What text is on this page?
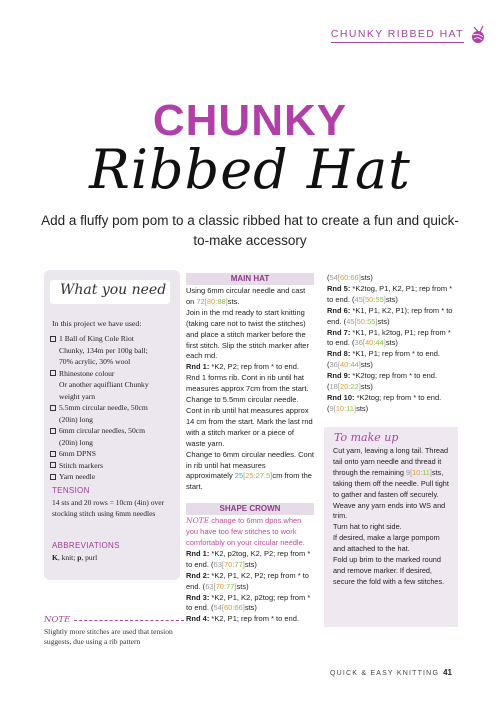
CHUNKY RIBBED HAT
CHUNKY
Ribbed Hat
Add a fluffy pom pom to a classic ribbed hat to create a fun and quick-to-make accessory
What you need
In this project we have used:
1 Ball of King Cole Riot
Chunky, 134m per 100g ball;
70% acrylic, 30% wool
Rhinestone colour
Or another aquifliant Chunky
weight yarn
5.5mm circular needle, 50cm
(20in) long
6mm circular needles, 50cm
(20in) long
6mm DPNS
Stitch markers
Yarn needle
TENSION
14 sts and 20 rows = 10cm (4in) over stocking stitch using 6mm needles
ABBREVIATIONS
K, knit; p, purl
NOTE
Slightly more stitches are used that tension suggests, due using a rib pattern
MAIN HAT
Using 6mm circular needle and cast on 72[80:88]sts.
Join in the rnd ready to start knitting (taking care not to twist the stitches) and place a stitch marker before the first stitch. Slip the stitch marker after each rnd.
Rnd 1: *K2, P2; rep from * to end.
Rnd 1 forms rib. Cont in rib until hat measures approx 7cm from the start.
Change to 5.5mm circular needle. Cont in rib until hat measures approx 14 cm from the start. Mark the last rnd with a stitch marker or a piece of waste yarn.
Change to 6mm circular needles. Cont in rib until hat measures approximately 25[25:27.5]cm from the start.
SHAPE CROWN
NOTE change to 6mm dpns when you have too few stitches to work comfortably on your circular needle.
Rnd 1: *K2, p2tog, K2, P2; rep from * to end. (63[70:77]sts)
Rnd 2: *K2, P1, K2, P2; rep from * to end. (63[70:77]sts)
Rnd 3: *K2, P1, K2, p2tog; rep from * to end. (54[60:66]sts)
Rnd 4: *K2, P1; rep from * to end.
(54[60:66]sts)
Rnd 5: *K2tog, P1, K2, P1; rep from * to end. (45[50:55]sts)
Rnd 6: *K1, P1, K2, P1); rep from * to end. (45[50:55]sts)
Rnd 7: *K1, P1, k2tog, P1; rep from * to end. (36[40:44]sts)
Rnd 8: *K1, P1; rep from * to end. (36[40:44]sts)
Rnd 9: *K2tog; rep from * to end. (18[20:22]sts)
Rnd 10: *K2tog; rep from * to end. (9[10:11]sts)
To make up
Cut yarn, leaving a long tail. Thread tail onto yarn needle and thread it through the remaining 9[10:11]sts, taking them off the needle. Pull tight to gather and fasten off securely. Weave any yarn ends into WS and trim.
Turn hat to right side.
If desired, make a large pompom and attached to the hat.
Fold up brim to the marked round and remove marker. If desired, secure the fold with a few stitches.
QUICK & EASY KNITTING 41
